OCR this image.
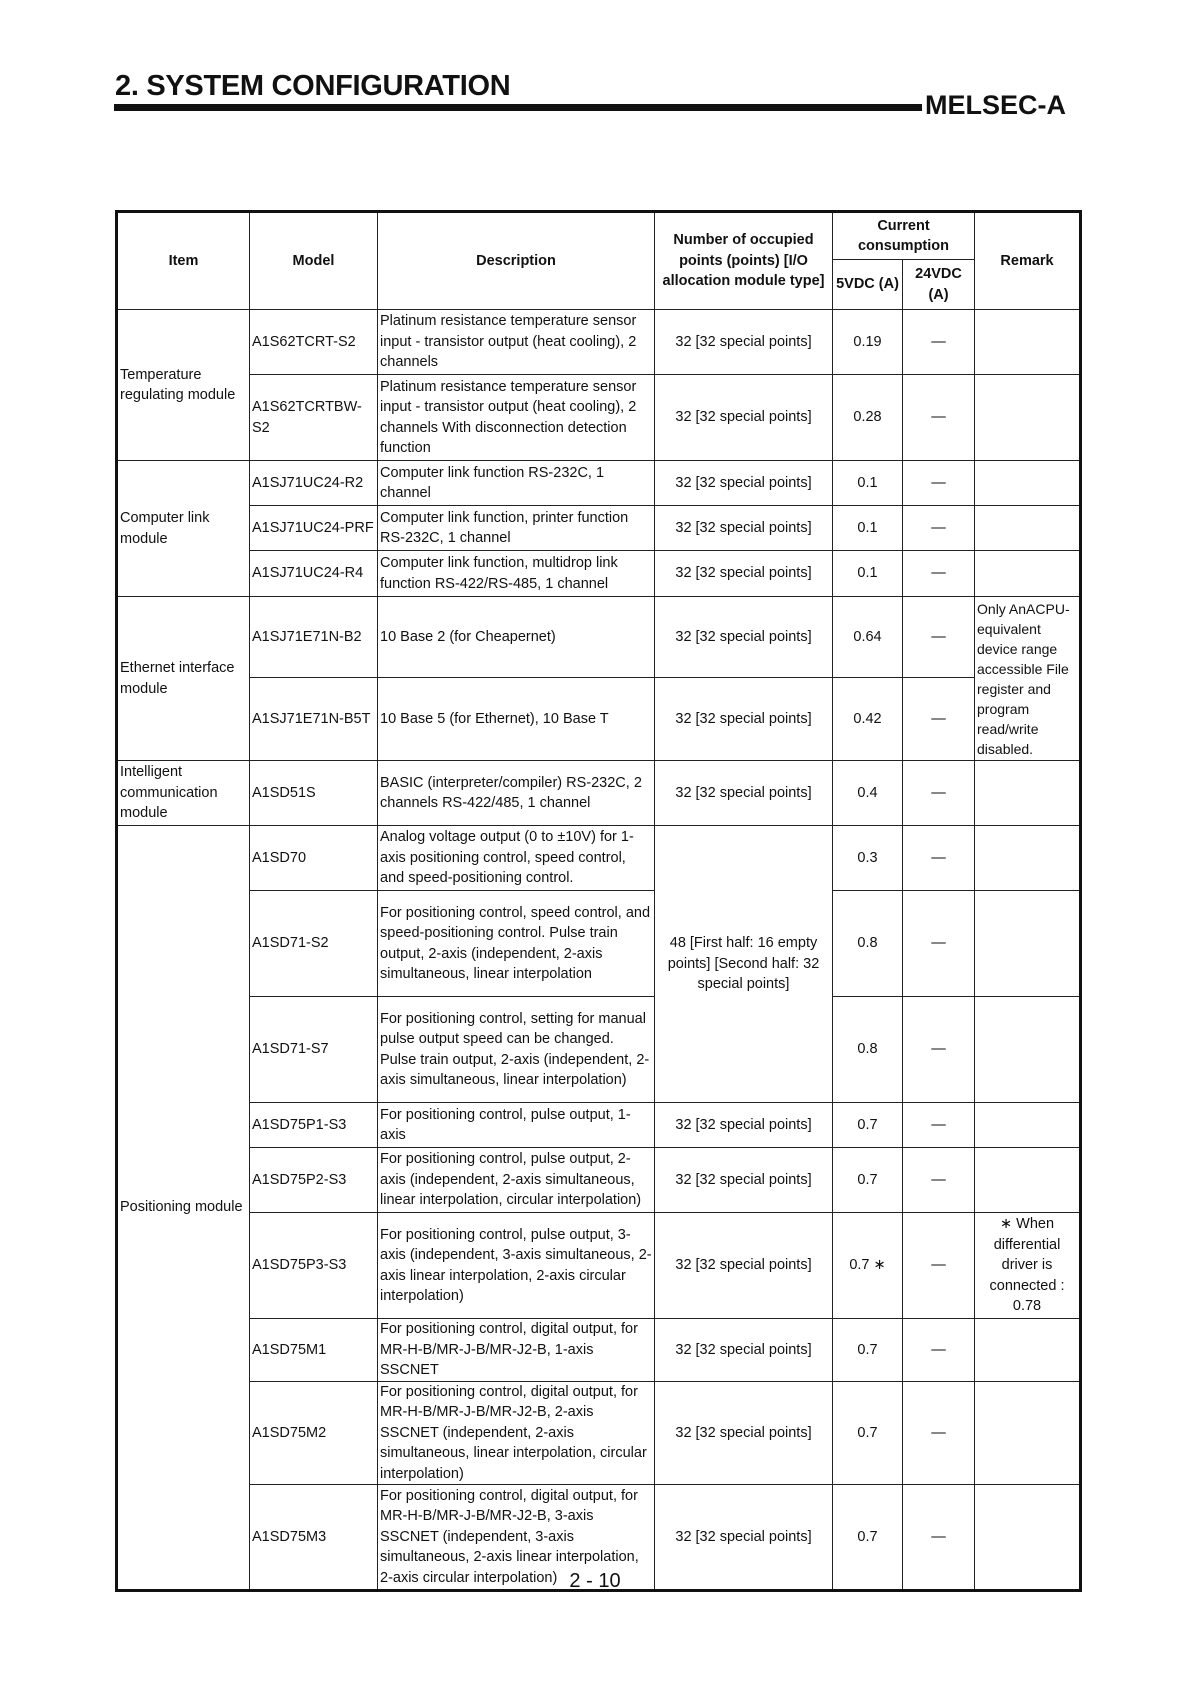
2. SYSTEM CONFIGURATION
MELSEC-A
Item	Model	Description	Number of occupied points (points) [I/O allocation module type]	Current consumption		Remark
				5VDC (A)	24VDC (A)	
Temperature regulating module	A1S62TCRT-S2	Platinum resistance temperature sensor input - transistor output (heat cooling), 2 channels	32 [32 special points]	0.19	—	
	A1S62TCRTBW-S2	Platinum resistance temperature sensor input - transistor output (heat cooling), 2 channels With disconnection detection function	32 [32 special points]	0.28	—	
Computer link module	A1SJ71UC24-R2	Computer link function RS-232C, 1 channel	32 [32 special points]	0.1	—	
	A1SJ71UC24-PRF	Computer link function, printer function RS-232C, 1 channel	32 [32 special points]	0.1	—	
	A1SJ71UC24-R4	Computer link function, multidrop link function RS-422/RS-485, 1 channel	32 [32 special points]	0.1	—	
Ethernet interface module	A1SJ71E71N-B2	10 Base 2 (for Cheapernet)	32 [32 special points]	0.64	—	Only AnACPU-equivalent device range accessible File register and program read/write disabled.
	A1SJ71E71N-B5T	10 Base 5 (for Ethernet), 10 Base T	32 [32 special points]	0.42	—	
Intelligent communication module	A1SD51S	BASIC (interpreter/compiler) RS-232C, 2 channels RS-422/485, 1 channel	32 [32 special points]	0.4	—	
Positioning module	A1SD70	Analog voltage output (0 to ±10V) for 1-axis positioning control, speed control, and speed-positioning control.	48 [First half: 16 empty points] [Second half: 32 special points]	0.3	—	
	A1SD71-S2	For positioning control, speed control, and speed-positioning control. Pulse train output, 2-axis (independent, 2-axis simultaneous, linear interpolation		0.8	—	
	A1SD71-S7	For positioning control, setting for manual pulse output speed can be changed. Pulse train output, 2-axis (independent, 2-axis simultaneous, linear interpolation)		0.8	—	
	A1SD75P1-S3	For positioning control, pulse output, 1-axis	32 [32 special points]	0.7	—	
	A1SD75P2-S3	For positioning control, pulse output, 2-axis (independent, 2-axis simultaneous, linear interpolation, circular interpolation)	32 [32 special points]	0.7	—	
	A1SD75P3-S3	For positioning control, pulse output, 3-axis (independent, 3-axis simultaneous, 2-axis linear interpolation, 2-axis circular interpolation)	32 [32 special points]	0.7 ∗	—	∗ When differential driver is connected : 0.78
	A1SD75M1	For positioning control, digital output, for MR-H-B/MR-J-B/MR-J2-B, 1-axis SSCNET	32 [32 special points]	0.7	—	
	A1SD75M2	For positioning control, digital output, for MR-H-B/MR-J-B/MR-J2-B, 2-axis SSCNET (independent, 2-axis simultaneous, linear interpolation, circular interpolation)	32 [32 special points]	0.7	—	
	A1SD75M3	For positioning control, digital output, for MR-H-B/MR-J-B/MR-J2-B, 3-axis SSCNET (independent, 3-axis simultaneous, 2-axis linear interpolation, 2-axis circular interpolation)	32 [32 special points]	0.7	—	
2 - 10
